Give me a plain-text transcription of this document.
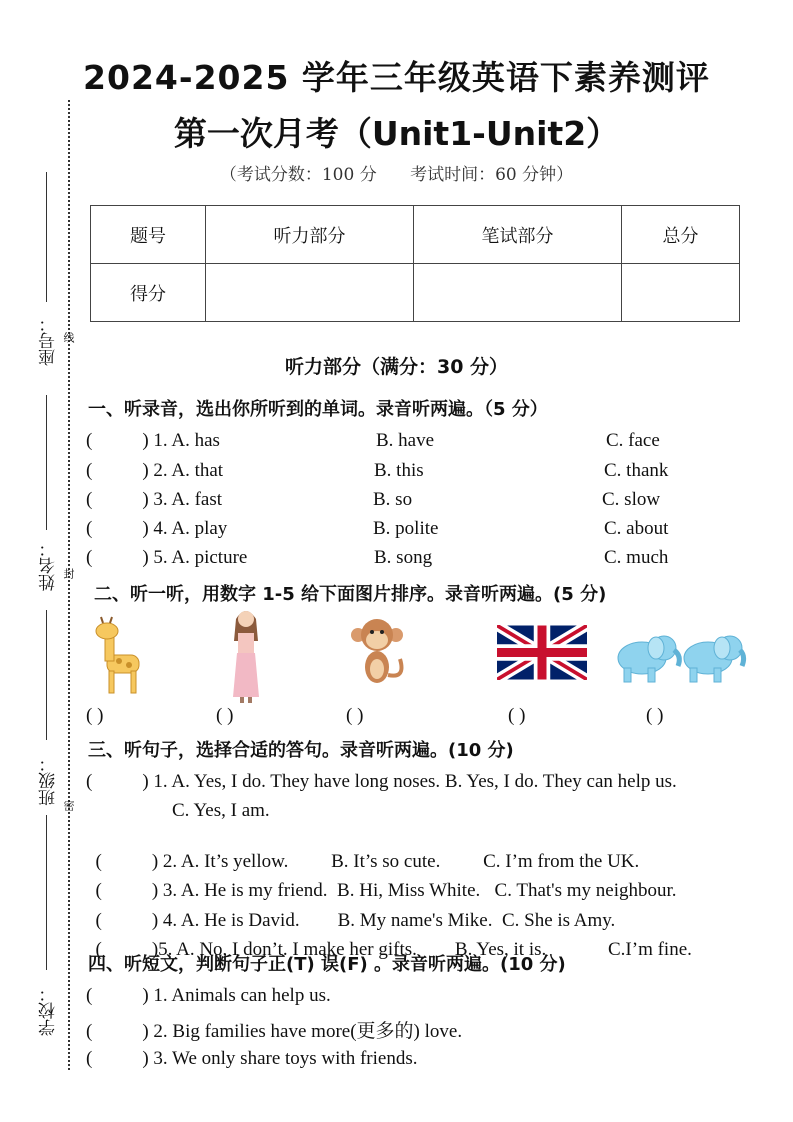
座号： 线
姓名： 封
班级： 密
学校：
2024-2025 学年三年级英语下素养测评
第一次月考（Unit1-Unit2）
（考试分数：100 分 考试时间：60 分钟）
题号	听力部分	笔试部分	总分
得分			
听力部分（满分：30 分）
一、听录音，选出你所听到的单词。录音听两遍。（5 分）
(	) 1. A. has	B. have	C. face
(	) 2. A. that	B. this	C. thank
(	) 3. A. fast	B. so	C. slow
(	) 4. A. play	B. polite	C. about
(	) 5. A. picture	B. song	C. much
二、听一听，用数字 1-5 给下面图片排序。录音听两遍。(5 分)
( )	( )	( )	( )	( )
三、听句子，选择合适的答句。录音听两遍。(10 分)
(	) 1. A. Yes, I do. They have long noses. B. Yes, I do. They can help us.
C. Yes, I am.

(	) 2. A. It’s yellow.         B. It’s so cute.         C. I’m from the UK.

(	) 3. A. He is my friend.  B. Hi, Miss White.   C. That's my neighbour.

(	) 4. A. He is David.        B. My name's Mike.  C. She is Amy.

(	)5. A. No, I don’t. I make her gifts.        B. Yes, it is.             C.I’m fine.

四、听短文，判断句子正(T) 误(F) 。录音听两遍。(10 分)
(	) 1. Animals can help us.
(	) 2. Big families have more(更多的) love.
(	) 3. We only share toys with friends.
